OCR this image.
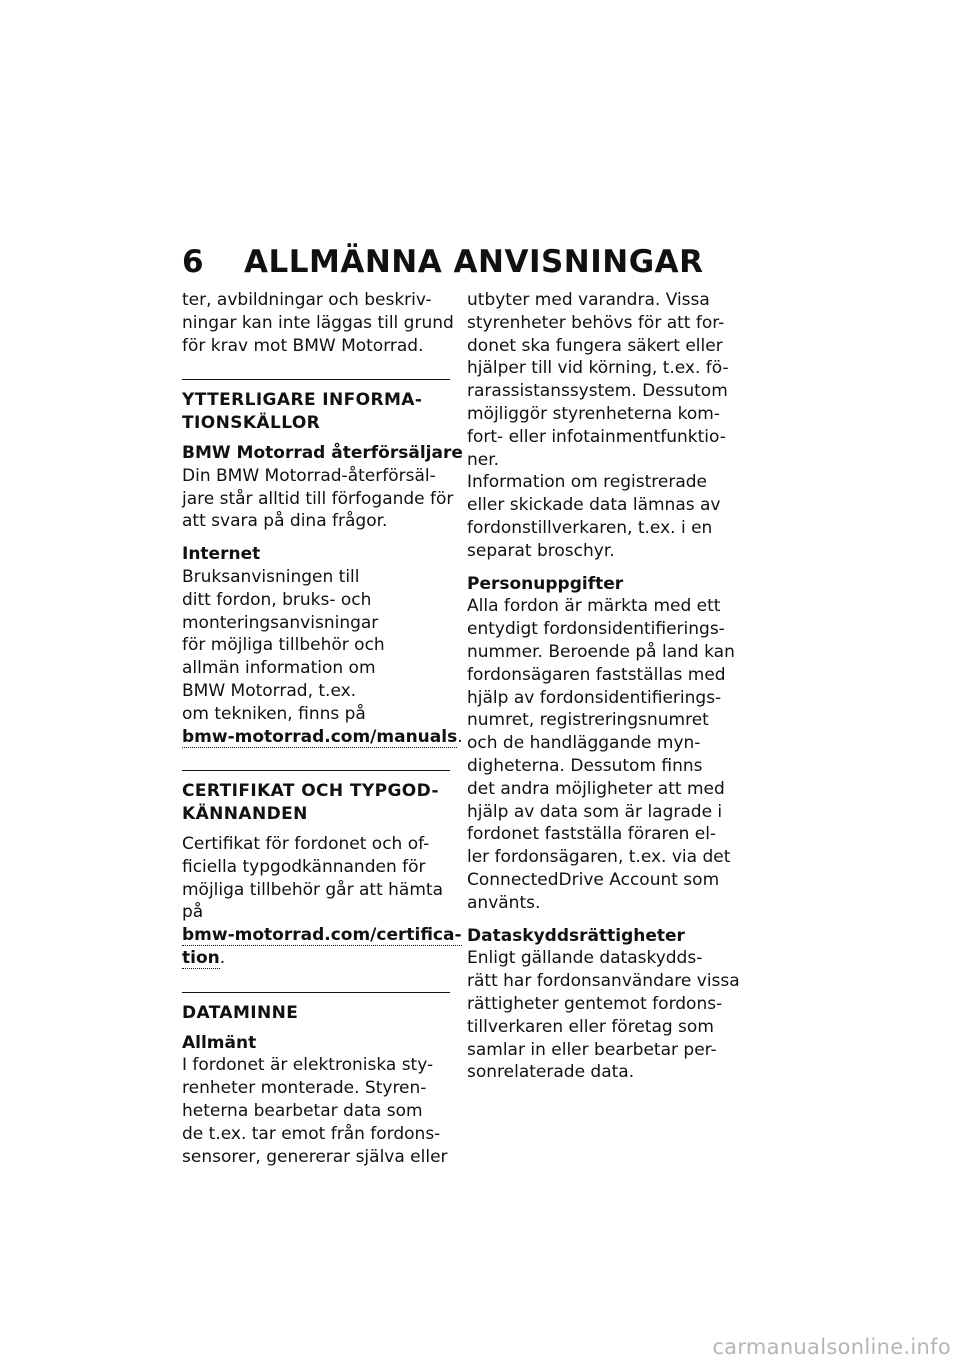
6 ALLMÄNNA ANVISNINGAR
ter, avbildningar och beskriv-
ningar kan inte läggas till grund
för krav mot BMW Motorrad.
YTTERLIGARE INFORMA-
TIONSKÄLLOR
BMW Motorrad återförsäljare
Din BMW Motorrad-återförsäl-
jare står alltid till förfogande för
att svara på dina frågor.
Internet
Bruksanvisningen till
ditt fordon, bruks- och
monteringsanvisningar
för möjliga tillbehör och
allmän information om
BMW Motorrad, t.ex.
om tekniken, finns på
bmw-motorrad.com/manuals.
CERTIFIKAT OCH TYPGOD-
KÄNNANDEN
Certifikat för fordonet och of-
ficiella typgodkännanden för
möjliga tillbehör går att hämta
på
bmw-motorrad.com/certifica-
tion.
DATAMINNE
Allmänt
I fordonet är elektroniska sty-
renheter monterade. Styren-
heterna bearbetar data som
de t.ex. tar emot från fordons-
sensorer, genererar själva eller
utbyter med varandra. Vissa
styrenheter behövs för att for-
donet ska fungera säkert eller
hjälper till vid körning, t.ex. fö-
rarassistanssystem. Dessutom
möjliggör styrenheterna kom-
fort- eller infotainmentfunktio-
ner.
Information om registrerade
eller skickade data lämnas av
fordonstillverkaren, t.ex. i en
separat broschyr.
Personuppgifter
Alla fordon är märkta med ett
entydigt fordonsidentifierings-
nummer. Beroende på land kan
fordonsägaren fastställas med
hjälp av fordonsidentifierings-
numret, registreringsnumret
och de handläggande myn-
digheterna. Dessutom finns
det andra möjligheter att med
hjälp av data som är lagrade i
fordonet fastställa föraren el-
ler fordonsägaren, t.ex. via det
ConnectedDrive Account som
använts.
Dataskyddsrättigheter
Enligt gällande dataskydds-
rätt har fordonsanvändare vissa
rättigheter gentemot fordons-
tillverkaren eller företag som
samlar in eller bearbetar per-
sonrelaterade data.
carmanualsonline.info
